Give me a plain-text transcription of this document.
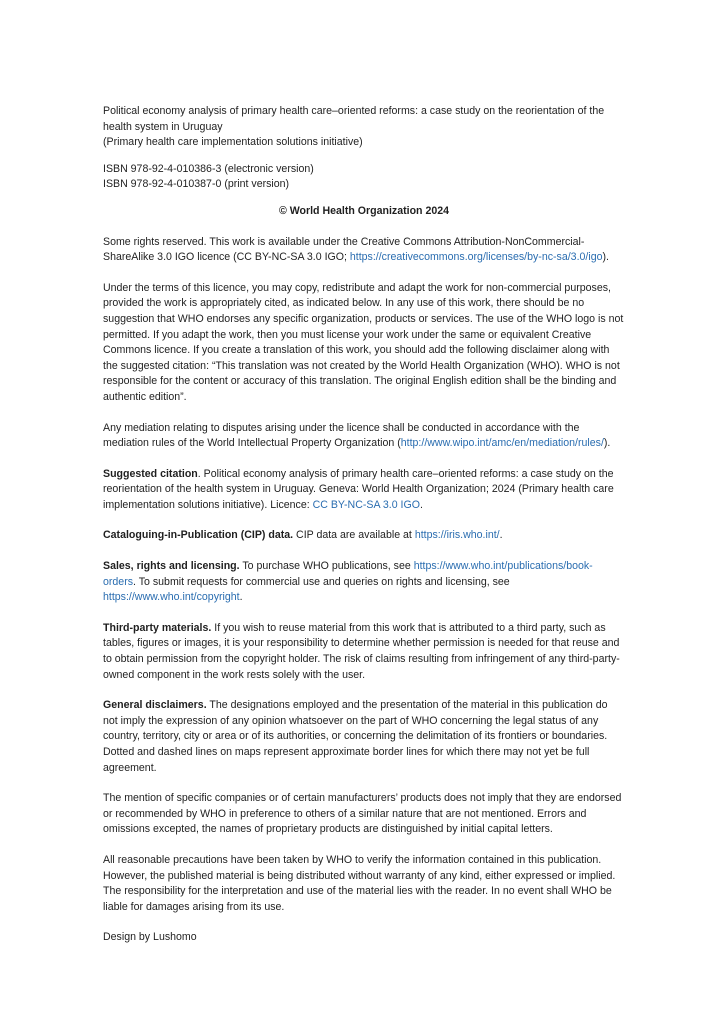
Political economy analysis of primary health care–oriented reforms: a case study on the reorientation of the health system in Uruguay
(Primary health care implementation solutions initiative)

ISBN 978-92-4-010386-3 (electronic version)
ISBN 978-92-4-010387-0 (print version)

© World Health Organization 2024

Some rights reserved. This work is available under the Creative Commons Attribution-NonCommercial-ShareAlike 3.0 IGO licence (CC BY-NC-SA 3.0 IGO; https://creativecommons.org/licenses/by-nc-sa/3.0/igo).

Under the terms of this licence, you may copy, redistribute and adapt the work for non-commercial purposes, provided the work is appropriately cited, as indicated below. In any use of this work, there should be no suggestion that WHO endorses any specific organization, products or services. The use of the WHO logo is not permitted. If you adapt the work, then you must license your work under the same or equivalent Creative Commons licence. If you create a translation of this work, you should add the following disclaimer along with the suggested citation: “This translation was not created by the World Health Organization (WHO). WHO is not responsible for the content or accuracy of this translation. The original English edition shall be the binding and authentic edition”.

Any mediation relating to disputes arising under the licence shall be conducted in accordance with the mediation rules of the World Intellectual Property Organization (http://www.wipo.int/amc/en/mediation/rules/).

Suggested citation. Political economy analysis of primary health care–oriented reforms: a case study on the reorientation of the health system in Uruguay. Geneva: World Health Organization; 2024 (Primary health care implementation solutions initiative). Licence: CC BY-NC-SA 3.0 IGO.

Cataloguing-in-Publication (CIP) data. CIP data are available at https://iris.who.int/.

Sales, rights and licensing. To purchase WHO publications, see https://www.who.int/publications/book-orders. To submit requests for commercial use and queries on rights and licensing, see https://www.who.int/copyright.

Third-party materials. If you wish to reuse material from this work that is attributed to a third party, such as tables, figures or images, it is your responsibility to determine whether permission is needed for that reuse and to obtain permission from the copyright holder. The risk of claims resulting from infringement of any third-party-owned component in the work rests solely with the user.

General disclaimers. The designations employed and the presentation of the material in this publication do not imply the expression of any opinion whatsoever on the part of WHO concerning the legal status of any country, territory, city or area or of its authorities, or concerning the delimitation of its frontiers or boundaries. Dotted and dashed lines on maps represent approximate border lines for which there may not yet be full agreement.

The mention of specific companies or of certain manufacturers’ products does not imply that they are endorsed or recommended by WHO in preference to others of a similar nature that are not mentioned. Errors and omissions excepted, the names of proprietary products are distinguished by initial capital letters.

All reasonable precautions have been taken by WHO to verify the information contained in this publication. However, the published material is being distributed without warranty of any kind, either expressed or implied. The responsibility for the interpretation and use of the material lies with the reader. In no event shall WHO be liable for damages arising from its use.

Design by Lushomo
